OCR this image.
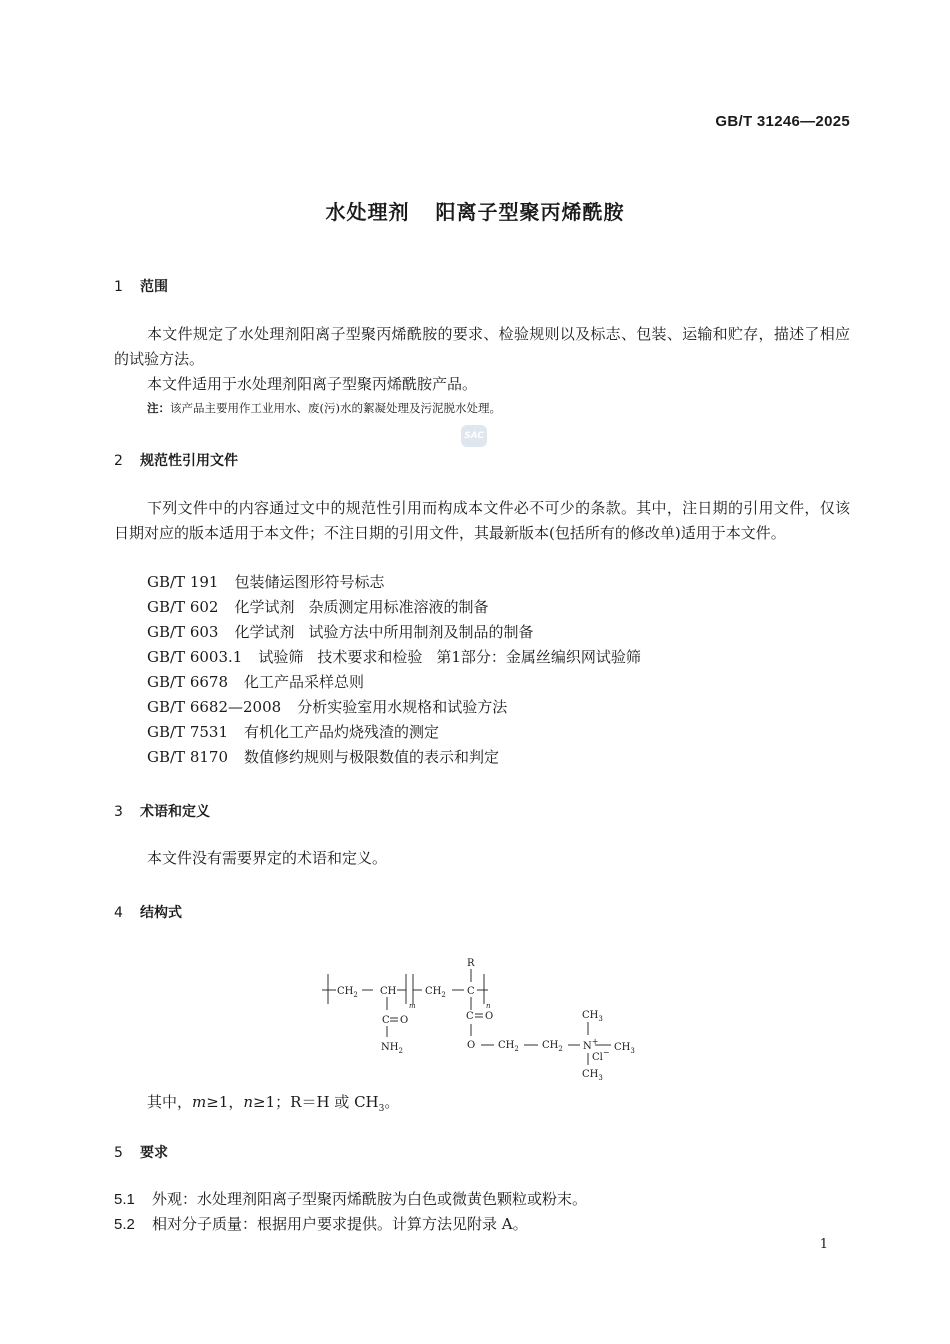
GB/T 31246—2025
水处理剂 阳离子型聚丙烯酰胺
1 范围
本文件规定了水处理剂阳离子型聚丙烯酰胺的要求、检验规则以及标志、包装、运输和贮存，描述了相应的试验方法。
本文件适用于水处理剂阳离子型聚丙烯酰胺产品。
注：该产品主要用作工业用水、废(污)水的絮凝处理及污泥脱水处理。
SAC
2 规范性引用文件
下列文件中的内容通过文中的规范性引用而构成本文件必不可少的条款。其中，注日期的引用文件，仅该日期对应的版本适用于本文件；不注日期的引用文件，其最新版本(包括所有的修改单)适用于本文件。
GB/T 191 包装储运图形符号标志
GB/T 602 化学试剂 杂质测定用标准溶液的制备
GB/T 603 化学试剂 试验方法中所用制剂及制品的制备
GB/T 6003.1 试验筛 技术要求和检验 第1部分：金属丝编织网试验筛
GB/T 6678 化工产品采样总则
GB/T 6682—2008 分析实验室用水规格和试验方法
GB/T 7531 有机化工产品灼烧残渣的测定
GB/T 8170 数值修约规则与极限数值的表示和判定
3 术语和定义
本文件没有需要界定的术语和定义。
4 结构式
$CH_2$ CH
m
$CH_2$ C
n
R
C O
$NH_2$
C O
O $CH_2$ $CH_2$ N+
$CH_3$
$CH_3$
Cl−
$CH_3$
其中，m≥1，n≥1；R＝H 或 $CH_3$。
5 要求
5.1 外观：水处理剂阳离子型聚丙烯酰胺为白色或微黄色颗粒或粉末。
5.2 相对分子质量：根据用户要求提供。计算方法见附录 A。
1
